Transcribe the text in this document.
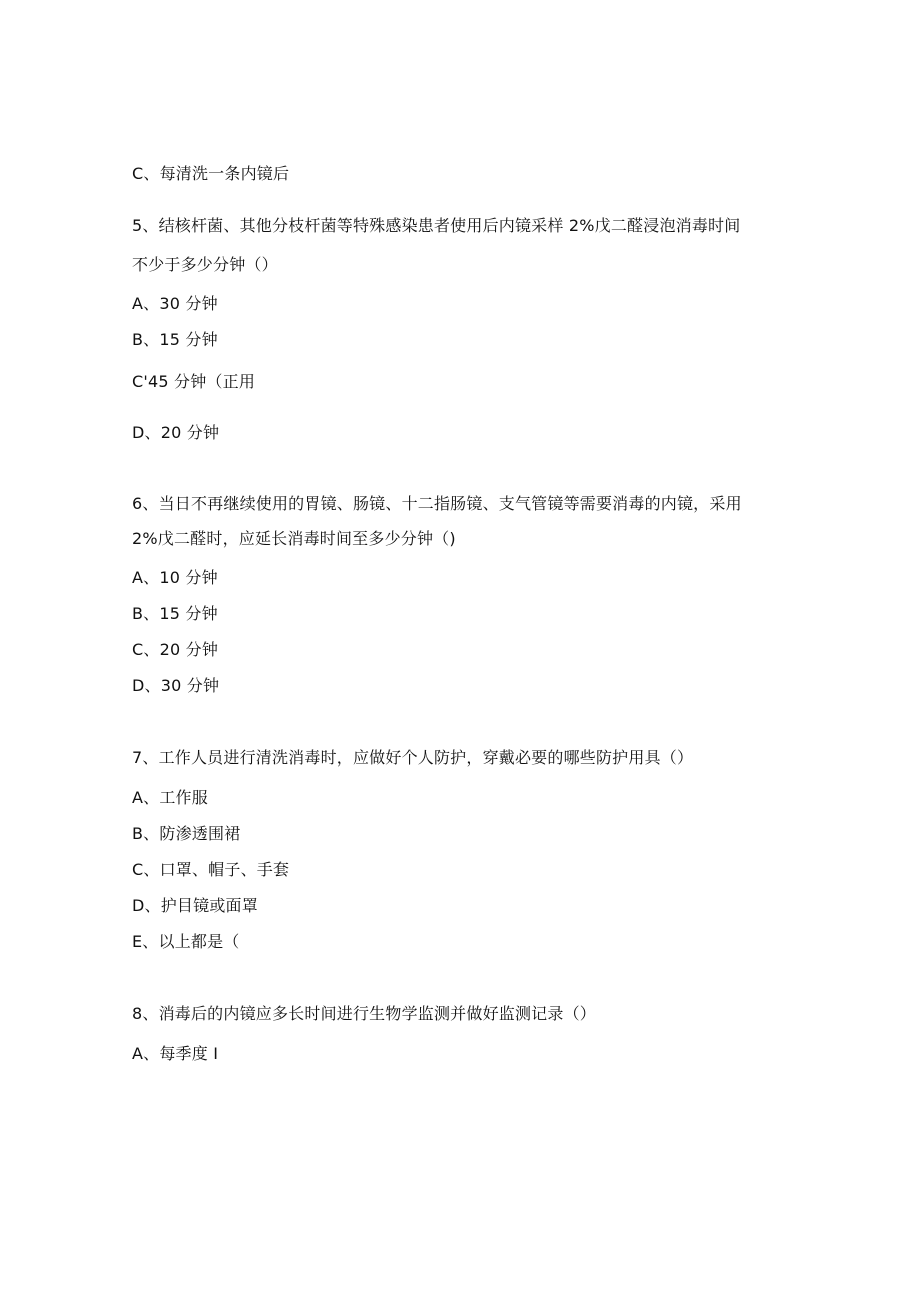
C、每清洗一条内镜后
5、结核杆菌、其他分枝杆菌等特殊感染患者使用后内镜采样 2%戊二醛浸泡消毒时间
不少于多少分钟（）
A、30 分钟
B、15 分钟
C'45 分钟（正用
D、20 分钟
6、当日不再继续使用的胃镜、肠镜、十二指肠镜、支气管镜等需要消毒的内镜，采用
2%戊二醛时，应延长消毒时间至多少分钟（)
A、10 分钟
B、15 分钟
C、20 分钟
D、30 分钟
7、工作人员进行清洗消毒时，应做好个人防护，穿戴必要的哪些防护用具（）
A、工作服
B、防渗透围裙
C、口罩、帽子、手套
D、护目镜或面罩
E、以上都是（
8、消毒后的内镜应多长时间进行生物学监测并做好监测记录（）
A、每季度 I
